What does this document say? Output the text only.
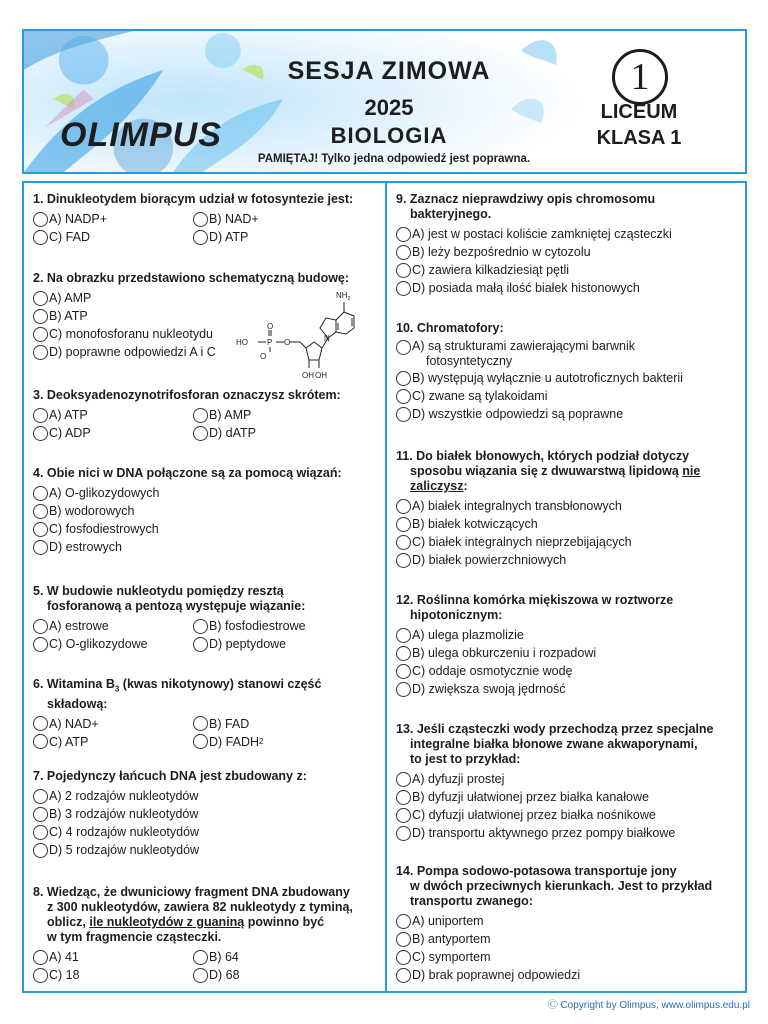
OLIMPUS
SESJA ZIMOWA
2025
BIOLOGIA
PAMIĘTAJ! Tylko jedna odpowiedź jest poprawna.
1
LICEUM
KLASA 1
1. Dinukleotydem biorącym udział w fotosyntezie jest:
A) NADP+	B) NAD+
C) FAD	D) ATP
2. Na obrazku przedstawiono schematyczną budowę:
A) AMP
B) ATP
C) monofosforanu nukleotydu
D) poprawne odpowiedzi A i C
HO P
O
O
O
OH OH
$NH_2$
N
3. Deoksyadenozynotrifosforan oznaczysz skrótem:
A) ATP	B) AMP
C) ADP	D) dATP
4. Obie nici w DNA połączone są za pomocą wiązań:
A) O-glikozydowych
B) wodorowych
C) fosfodiestrowych
D) estrowych
5. W budowie nukleotydu pomiędzy resztą
fosforanową a pentozą występuje wiązanie:
A) estrowe	B) fosfodiestrowe
C) O-glikozydowe	D) peptydowe
6. Witamina $B_3$ (kwas nikotynowy) stanowi część
składową:
A) NAD+	B) FAD
C) ATP	D) FADH 2
7. Pojedynczy łańcuch DNA jest zbudowany z:
A) 2 rodzajów nukleotydów
B) 3 rodzajów nukleotydów
C) 4 rodzajów nukleotydów
D) 5 rodzajów nukleotydów
8. Wiedząc, że dwuniciowy fragment DNA zbudowany
z 300 nukleotydów, zawiera 82 nukleotydy z tyminą,
oblicz, ile nukleotydów z guaniną powinno być
w tym fragmencie cząsteczki.
A) 41	B) 64
C) 18	D) 68
9. Zaznacz nieprawdziwy opis chromosomu
bakteryjnego.
A) jest w postaci koliście zamkniętej cząsteczki
B) leży bezpośrednio w cytozolu
C) zawiera kilkadziesiąt pętli
D) posiada małą ilość białek histonowych
10. Chromatofory:
A) są strukturami zawierającymi barwnik
fotosyntetyczny
B) występują wyłącznie u autotroficznych bakterii
C) zwane są tylakoidami
D) wszystkie odpowiedzi są poprawne
11. Do białek błonowych, których podział dotyczy
sposobu wiązania się z dwuwarstwą lipidową nie
zaliczysz:
A) białek integralnych transbłonowych
B) białek kotwiczących
C) białek integralnych nieprzebijających
D) białek powierzchniowych
12. Roślinna komórka miękiszowa w roztworze
hipotonicznym:
A) ulega plazmolizie
B) ulega obkurczeniu i rozpadowi
C) oddaje osmotycznie wodę
D) zwiększa swoją jędrność
13. Jeśli cząsteczki wody przechodzą przez specjalne
integralne białka błonowe zwane akwaporynami,
to jest to przykład:
A) dyfuzji prostej
B) dyfuzji ułatwionej przez białka kanałowe
C) dyfuzji ułatwionej przez białka nośnikowe
D) transportu aktywnego przez pompy białkowe
14. Pompa sodowo-potasowa transportuje jony
w dwóch przeciwnych kierunkach. Jest to przykład
transportu zwanego:
A) uniportem
B) antyportem
C) symportem
D) brak poprawnej odpowiedzi
Ⓒ Copyright by Olimpus, www.olimpus.edu.pl
